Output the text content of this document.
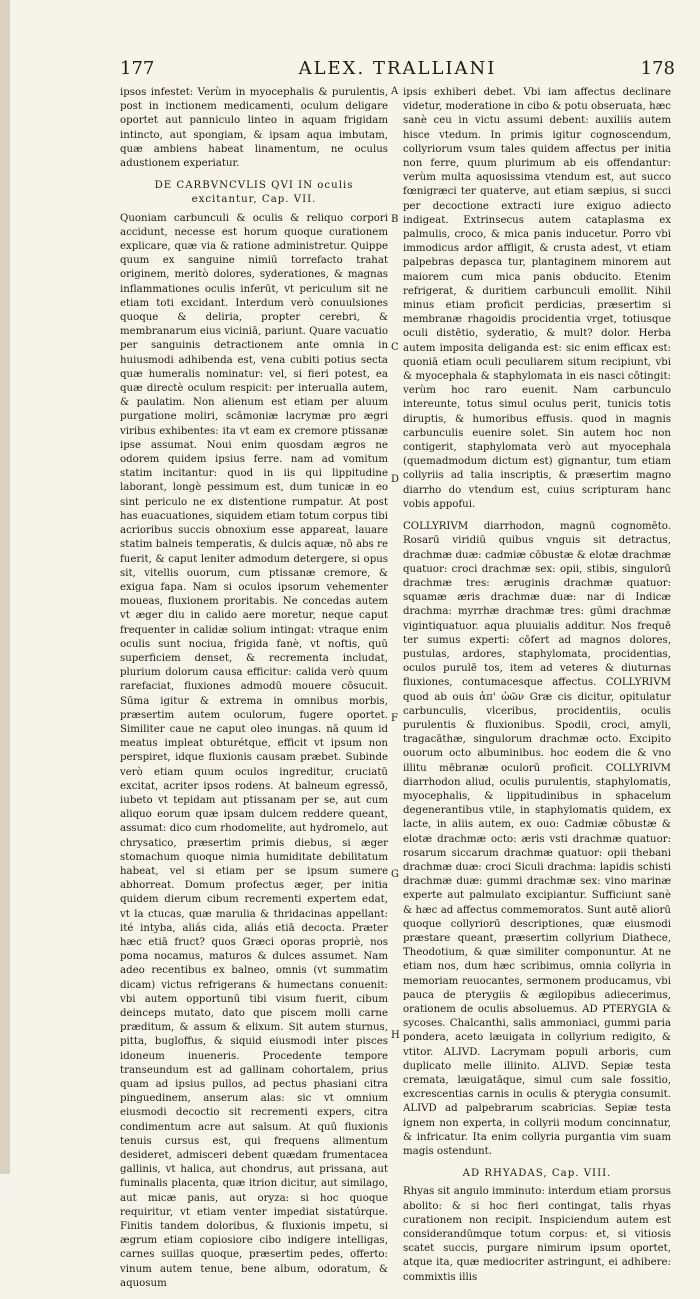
177	ALEX. TRALLIANI	178

ipsos infestet: Verùm in myocephalis & purulentis, post in inctionem medicamenti, oculum deligare oportet aut panniculo linteo in aquam frigidam intincto, aut spongiam, & ipsam aqua imbutam, quæ ambiens habeat linamentum, ne oculus adustionem experiatur.

DE CARBVNCVLIS QVI IN oculis excitantur, Cap. VII.

Quoniam carbunculi & oculis & reliquo corpori accidunt, necesse est horum quoque curationem explicare, quæ via & ratione administretur. Quippe quum ex sanguine nimiū torrefacto trahat originem, meritò dolores, syderationes, & magnas inflammationes oculis inferūt, vt periculum sit ne etiam toti excidant. Interdum verò conuulsiones quoque & deliria, propter cerebri, & membranarum eius viciniā, pariunt. Quare vacuatio per sanguinis detractionem ante omnia in huiusmodi adhibenda est, vena cubiti potius secta quæ humeralis nominatur: vel, si fieri potest, ea quæ directè oculum respicit: per interualla autem, & paulatim. Non alienum est etiam per aluum purgatione moliri, scāmoniæ lacrymæ pro ægri viribus exhibentes: ita vt eam ex cremore ptissanæ ipse assumat. Noui enim quosdam ægros ne odorem quidem ipsius ferre. nam ad vomitum statim incitantur: quod in iis qui lippitudine laborant, longè pessimum est, dum tunicæ in eo sint periculo ne ex distentione rumpatur. At post has euacuationes, siquidem etiam totum corpus tibi acrioribus succis obnoxium esse appareat, lauare statim balneis temperatis, & dulcis aquæ, nō abs re fuerit, & caput leniter admodum detergere, si opus sit, vitellis ouorum, cum ptissanæ cremore, & exigua fapa. Nam si oculos ipsorum vehementer moueas, fluxionem proritabis. Ne concedas autem vt æger diu in calido aere moretur, neque caput frequenter in calidæ solium intingat: vtraque enim oculis sunt nociua, frigida fanè, vt noftis, quū superficiem denset, & recrementa includat, plurium dolorum causa efficitur: calida verò quum rarefaciat, fluxiones admodū mouere cōsucuit. Sūma igitur & extrema in omnibus morbis, præsertim autem oculorum, fugere oportet. Similiter caue ne caput oleo inungas. nā quum id meatus impleat obturétque, efficit vt ipsum non perspiret, idque fluxionis causam præbet. Subinde verò etiam quum oculos ingreditur, cruciatū excitat, acriter ipsos rodens. At balneum egressō, iubeto vt tepidam aut ptissanam per se, aut cum aliquo eorum quæ ipsam dulcem reddere queant, assumat: dico cum rhodomelite, aut hydromelo, aut chrysatico, præsertim primis diebus, si æger stomachum quoque nimia humiditate debilitatum habeat, vel si etiam per se ipsum sumere abhorreat. Domum profectus æger, per initia quidem dierum cibum recrementi expertem edat, vt la ctucas, quæ marulia & thridacinas appellant: ité intyba, aliás cida, aliás etiā decocta. Præter hæc etiā fruct? quos Græci oporas propriè, nos poma nocamus, maturos & dulces assumet. Nam adeo recentibus ex balneo, omnis (vt summatim dicam) victus refrigerans & humectans conuenit: vbi autem opportunū tibi visum fuerit, cibum deinceps mutato, dato que piscem molli carne præditum, & assum & elixum. Sit autem sturnus, pitta, bugloffus, & siquid eiusmodi inter pisces idoneum inueneris. Procedente tempore transeundum est ad gallinam cohortalem, prius quam ad ipsius pullos, ad pectus phasiani citra pinguedinem, anserum alas: sic vt omnium eiusmodi decoctio sit recrementi expers, citra condimentum acre aut salsum. At quū fluxionis tenuis cursus est, qui frequens alimentum desideret, admisceri debent quædam frumentacea gallinis, vt halica, aut chondrus, aut prissana, aut fuminalis placenta, quæ itrion dicitur, aut similago, aut micæ panis, aut oryza: si hoc quoque requiritur, vt etiam venter impediat sistatúrque. Finitis tandem doloribus, & fluxionis impetu, si ægrum etiam copiosiore cibo indigere intelligas, carnes suillas quoque, præsertim pedes, offerto: vinum autem tenue, bene album, odoratum, & aquosum

A
B
C
D
F
G
H

ipsis exhiberi debet. Vbi iam affectus declinare videtur, moderatione in cibo & potu obseruata, hæc sanè ceu in victu assumi debent: auxiliis autem hisce vtedum. In primis igitur cognoscendum, collyriorum vsum tales quidem affectus per initia non ferre, quum plurimum ab eis offendantur: verùm multa aquosissima vtendum est, aut succo fœnigræci ter quaterve, aut etiam sæpius, si succi per decoctione extracti iure exiguo adiecto indigeat. Extrinsecus autem cataplasma ex palmulis, croco, & mica panis inducetur. Porro vbi immodicus ardor affligit, & crusta adest, vt etiam palpebras depasca tur, plantaginem minorem aut maiorem cum mica panis obducito. Etenim refrigerat, & duritiem carbunculi emollit. Nihil minus etiam proficit perdicias, præsertim si membranæ rhagoidis procidentia vrget, totiusque oculi distētio, syderatio, & mult? dolor. Herba autem imposita deliganda est: sic enim efficax est: quoniā etiam oculi peculiarem situm recipiunt, vbi & myocephala & staphylomata in eis nasci cōtingit: verùm hoc raro euenit. Nam carbunculo intereunte, totus simul oculus perit, tunicis totis diruptis, & humoribus effusis. quod in magnis carbunculis euenire solet. Sin autem hoc non contigerit, staphylomata verò aut myocephala (quemadmodum dictum est) gignantur, tum etiam collyriis ad talia inscriptis, & præsertim magno diarrho do vtendum est, cuius scripturam hanc vobis appofui.

COLLYRIVM diarrhodon, magnū cognomēto. Rosarū viridiū quibus vnguis sit detractus, drachmæ duæ: cadmiæ cōbustæ & elotæ drachmæ quatuor: croci drachmæ sex: opii, stibis, singulorū drachmæ tres: æruginis drachmæ quatuor: squamæ æris drachmæ duæ: nar di Indicæ drachma: myrrhæ drachmæ tres: gūmi drachmæ vigintiquatuor. aqua pluuialis additur. Nos frequē ter sumus experti: cōfert ad magnos dolores, pustulas, ardores, staphylomata, procidentias, oculos purulē tos, item ad veteres & diuturnas fluxiones, contumacesque affectus. COLLYRIVM quod ab ouis ἀπ' ὠῶν Græ cis dicitur, opitulatur carbunculis, vlceribus, procidentiis, oculis purulentis & fluxionibus. Spodii, croci, amyli, tragacāthæ, singulorum drachmæ octo. Excipito ouorum octo albuminibus. hoc eodem die & vno illitu mēbranæ oculorū proficit. COLLYRIVM diarrhodon aliud, oculis purulentis, staphylomatis, myocephalis, & lippitudinibus in sphacelum degenerantibus vtile, in staphylomatis quidem, ex lacte, in aliis autem, ex ouo: Cadmiæ cōbustæ & elotæ drachmæ octo: æris vsti drachmæ quatuor: rosarum siccarum drachmæ quatuor: opii thebani drachmæ duæ: croci Siculi drachma: lapidis schisti drachmæ duæ: gummi drachmæ sex: vino marinæ experte aut palmulato excipiantur. Sufficiunt sanè & hæc ad affectus commemoratos. Sunt autē aliorū quoque collyriorū descriptiones, quæ eiusmodi præstare queant, præsertim collyrium Diathece, Theodotium, & quæ similiter componuntur. At ne etiam nos, dum hæc scribimus, omnia collyria in memoriam reuocantes, sermonem producamus, vbi pauca de pterygiis & ægilopibus adiecerimus, orationem de oculis absoluemus. AD PTERYGIA & sycoses. Chalcanthi, salis ammoniaci, gummi paria pondera, aceto læuigata in collyrium redigito, & vtitor. ALIVD. Lacrymam populi arboris, cum duplicato melle illinito. ALIVD. Sepiæ testa cremata, læuigatāque, simul cum sale fossitio, excrescentias carnis in oculis & pterygia consumit. ALIVD ad palpebrarum scabricias. Sepiæ testa ignem non experta, in collyrii modum concinnatur, & infricatur. Ita enim collyria purgantia vim suam magis ostendunt.

AD RHYADAS, Cap. VIII.

Rhyas sit angulo imminuto: interdum etiam prorsus abolito: & si hoc fieri contingat, talis rhyas curationem non recipit. Inspiciendum autem est considerandūmque totum corpus: et, si vitiosis scatet succis, purgare nimirum ipsum oportet, atque ita, quæ mediocriter astringunt, ei adhibere: commixtis illis
